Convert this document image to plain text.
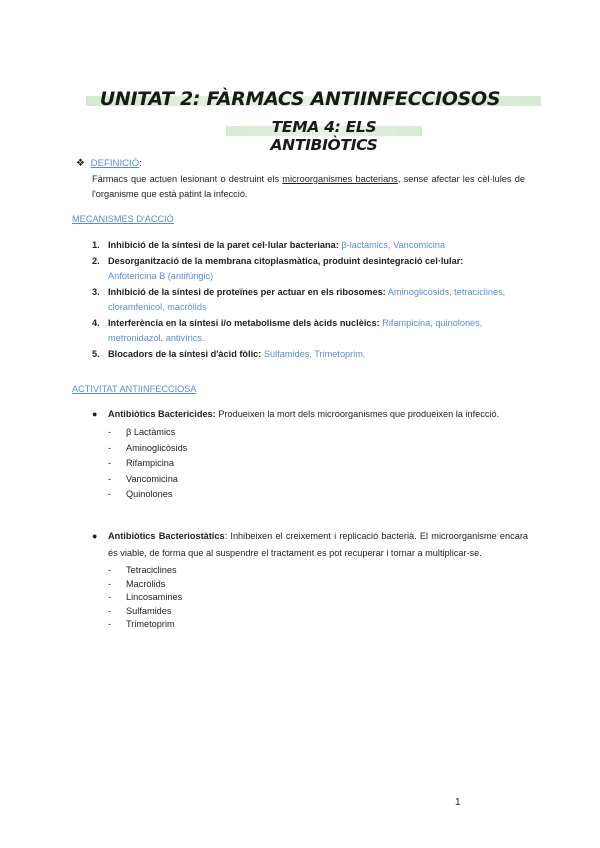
UNITAT 2: FÀRMACS ANTIINFECCIOSOS
TEMA 4: ELS ANTIBIÒTICS
❖ DEFINICIÓ:
Fàrmacs que actuen lesionant o destruint els microorganismes bacterians, sense afectar les cèl·lules de l'organisme que està patint la infecció.
MECANISMES D'ACCIÓ
1. Inhibició de la síntesi de la paret cel·lular bacteriana: β-lactàmics, Vancomicina
2. Desorganització de la membrana citoplasmàtica, produint desintegració cel·lular:
Anfotericina B (antifúngic)
3. Inhibició de la síntesi de proteïnes per actuar en els ribosomes: Aminoglicòsids, tetraciclines, cloramfenicol, macròlids
4. Interferència en la síntesi i/o metabolisme dels àcids nuclèics: Rifampicina, quinolones, metronidazol, antivírics.
5. Blocadors de la síntesi d'àcid fòlic: Sulfamides, Trimetoprim.
ACTIVITAT ANTIINFECCIOSA
● Antibiòtics Bactericides: Produeixen la mort dels microorganismes que produeixen la infecció.
- β Lactàmics
- Aminoglicòsids
- Rifampicina
- Vancomicina
- Quinolones
● Antibiòtics Bacteriostàtics: Inhibeixen el creixement i replicació bacterià. El microorganisme encara és viable, de forma que al suspendre el tractament es pot recuperar i tornar a multiplicar-se.
- Tetraciclines
- Macròlids
- Lincosamines
- Sulfamides
- Trimetoprim
1
